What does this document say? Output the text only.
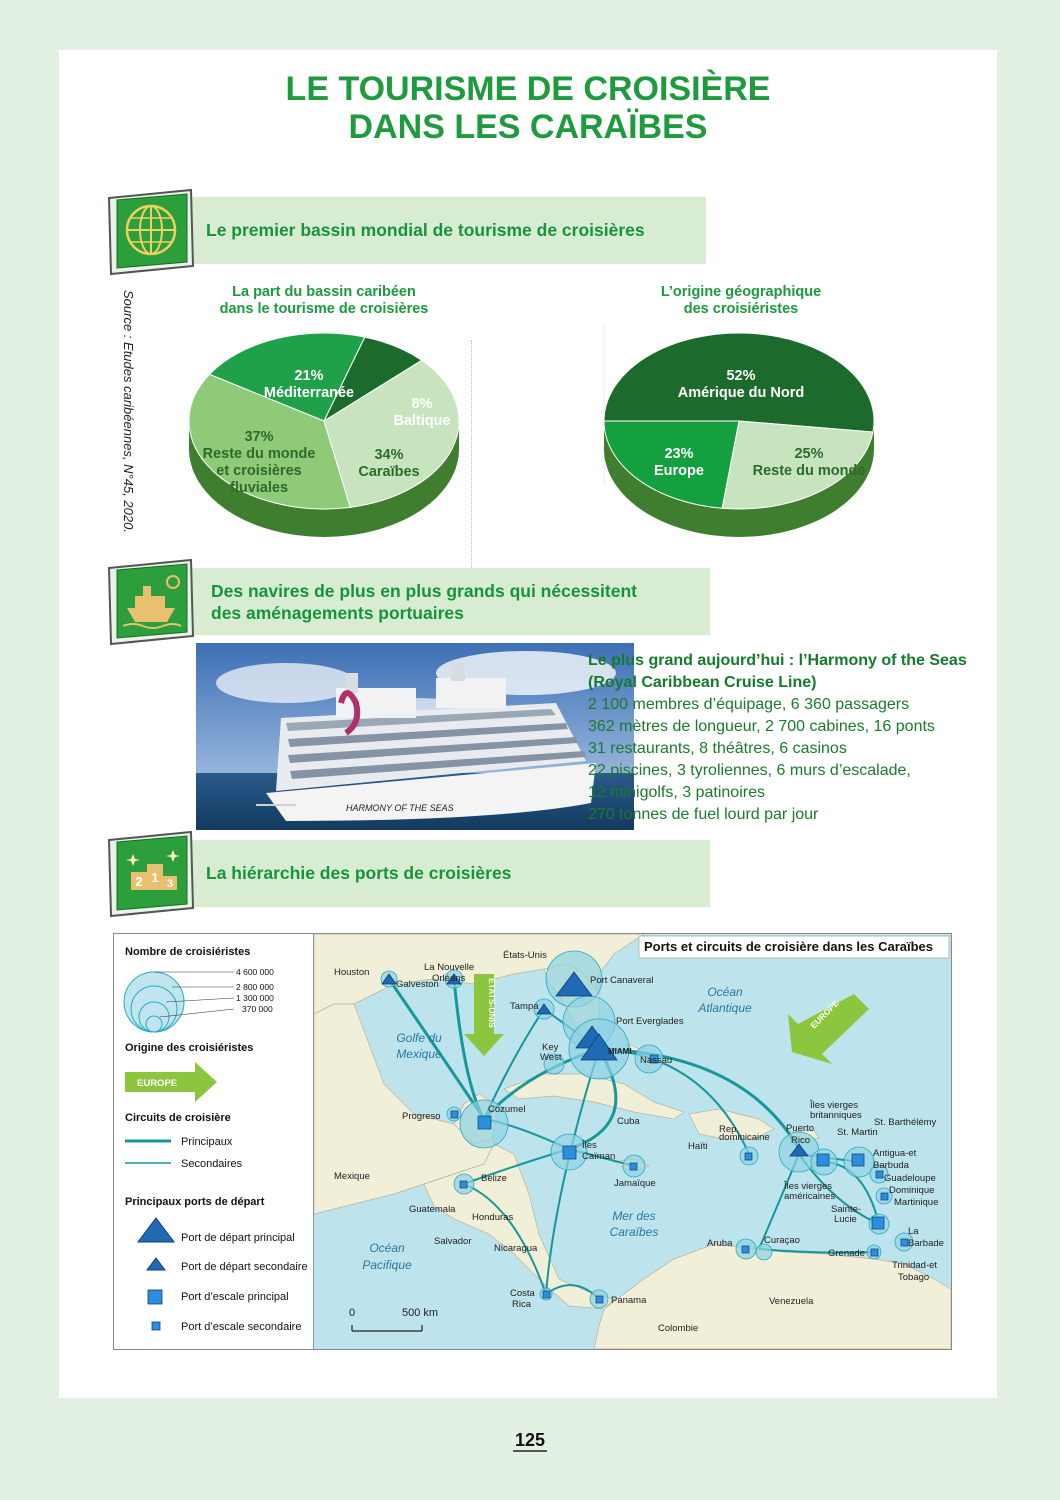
LE TOURISME DE CROISIÈRE
DANS LES CARAÏBES
Le premier bassin mondial de tourisme de croisières
Source : Etudes caribéennes, N°45, 2020.	La part du bassin caribéen
dans le tourisme de croisières
L’origine géographique
des croisiéristes
21%
Méditerranée
8%
Baltique
34%
Caraïbes
37%
Reste du monde
et croisières
fluviales
52%
Amérique du Nord
25%
Reste du monde
23%
Europe
Des navires de plus en plus grands qui nécessitent
des aménagements portuaires
HARMONY OF THE SEAS
Le plus grand aujourd’hui : l’Harmony of the Seas
(Royal Caribbean Cruise Line)
2 100 membres d’équipage, 6 360 passagers
362 mètres de longueur, 2 700 cabines, 16 ponts
31 restaurants, 8 théâtres, 6 casinos
22 piscines, 3 tyroliennes, 6 murs d’escalade,
12 minigolfs, 3 patinoires
270 tonnes de fuel lourd par jour
2 1 3
La hiérarchie des ports de croisières
Nombre de croisiéristes
4 600 000
2 800 000
1 300 000
370 000
Origine des croisiéristes
EUROPE
Circuits de croisière
Principaux
Secondaires
Principaux ports de départ
Port de départ principal
Port de départ secondaire
Port d’escale principal
Port d’escale secondaire
ÉTATS-UNIS	EUROPE
Ports et circuits de croisière dans les Caraïbes
Océan
Atlantique
Golfe du
Mexique
Mer des
Caraïbes
Océan
Pacifique
États-Unis
Houston
Galveston
La Nouvelle
Orléans
Tampa
Port Canaveral
Port Everglades
MIAMI
Key
West	Nassau
Progreso
Cozumel
Cuba
Haïti
Rep.
dominicaine
Îles
Caïman
Jamaïque
Mexique	Belize
Guatemala
Honduras
Salvador
Nicaragua
Costa
Rica	Panama
Colombie
Venezuela
Aruba	Curaçao
Grenade
Trinidad-et
Tobago
La
Barbade
Sainte-
Lucie
Martinique
Dominique
Guadeloupe
Antigua-et
Barbuda
St. Martin
St. Barthélémy
Îles vierges
britanniques
Puerto
Rico
Îles vierges
américaines
0	500 km
125
